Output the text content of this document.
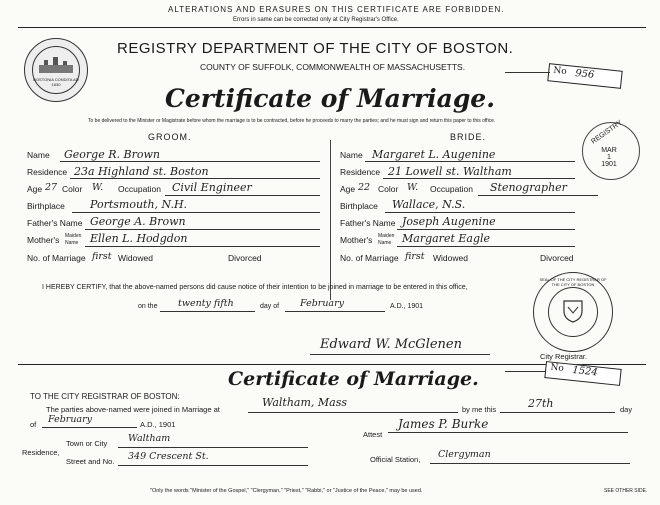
ALTERATIONS AND ERASURES ON THIS CERTIFICATE ARE FORBIDDEN.
Errors in same can be corrected only at City Registrar's Office.
BOSTONIA CONDITA AD 1630
REGISTRY DEPARTMENT OF THE CITY OF BOSTON.
COUNTY OF SUFFOLK, COMMONWEALTH OF MASSACHUSETTS.	No 956
Certificate of Marriage.
To be delivered to the Minister or Magistrate before whom the marriage is to be contracted, before he proceeds to marry the parties; and he must sign and return this paper to this office.	REGISTRY
MAR 1 1901
GROOM.	BRIDE.
Name George R. Brown
Residence 23a Highland st. Boston
Age 27 Color W. Occupation Civil Engineer
Birthplace Portsmouth, N.H.
Father's Name George A. Brown
Mother's Maiden
Name Ellen L. Hodgdon
No. of Marriage first Widowed	Divorced
Name Margaret L. Augenine
Residence 21 Lowell st. Waltham
Age 22 Color W. Occupation Stenographer
Birthplace Wallace, N.S.
Father's Name Joseph Augenine
Mother's Maiden
Name Margaret Eagle
No. of Marriage first Widowed	Divorced
I HEREBY CERTIFY, that the above-named persons did cause notice of their intention to be joined in marriage to be entered in this office,
on the twenty fifth	day of February	A.D., 1901
SEAL OF THE CITY REGISTRAR OF THE CITY OF BOSTON
Edward W. McGlenen
City Registrar.
TO THE CITY REGISTRAR OF BOSTON:
Certificate of Marriage.	No 1524
The parties above-named were joined in Marriage at
Waltham, Mass
by me this	27th	day
of February	A.D., 1901
Attest
James P. Burke
Residence,
Town or City Waltham
Street and No. 349 Crescent St.	Official Station, Clergyman
"Only the words "Minister of the Gospel," "Clergyman," "Priest," "Rabbi," or "Justice of the Peace," may be used.	SEE OTHER SIDE.
